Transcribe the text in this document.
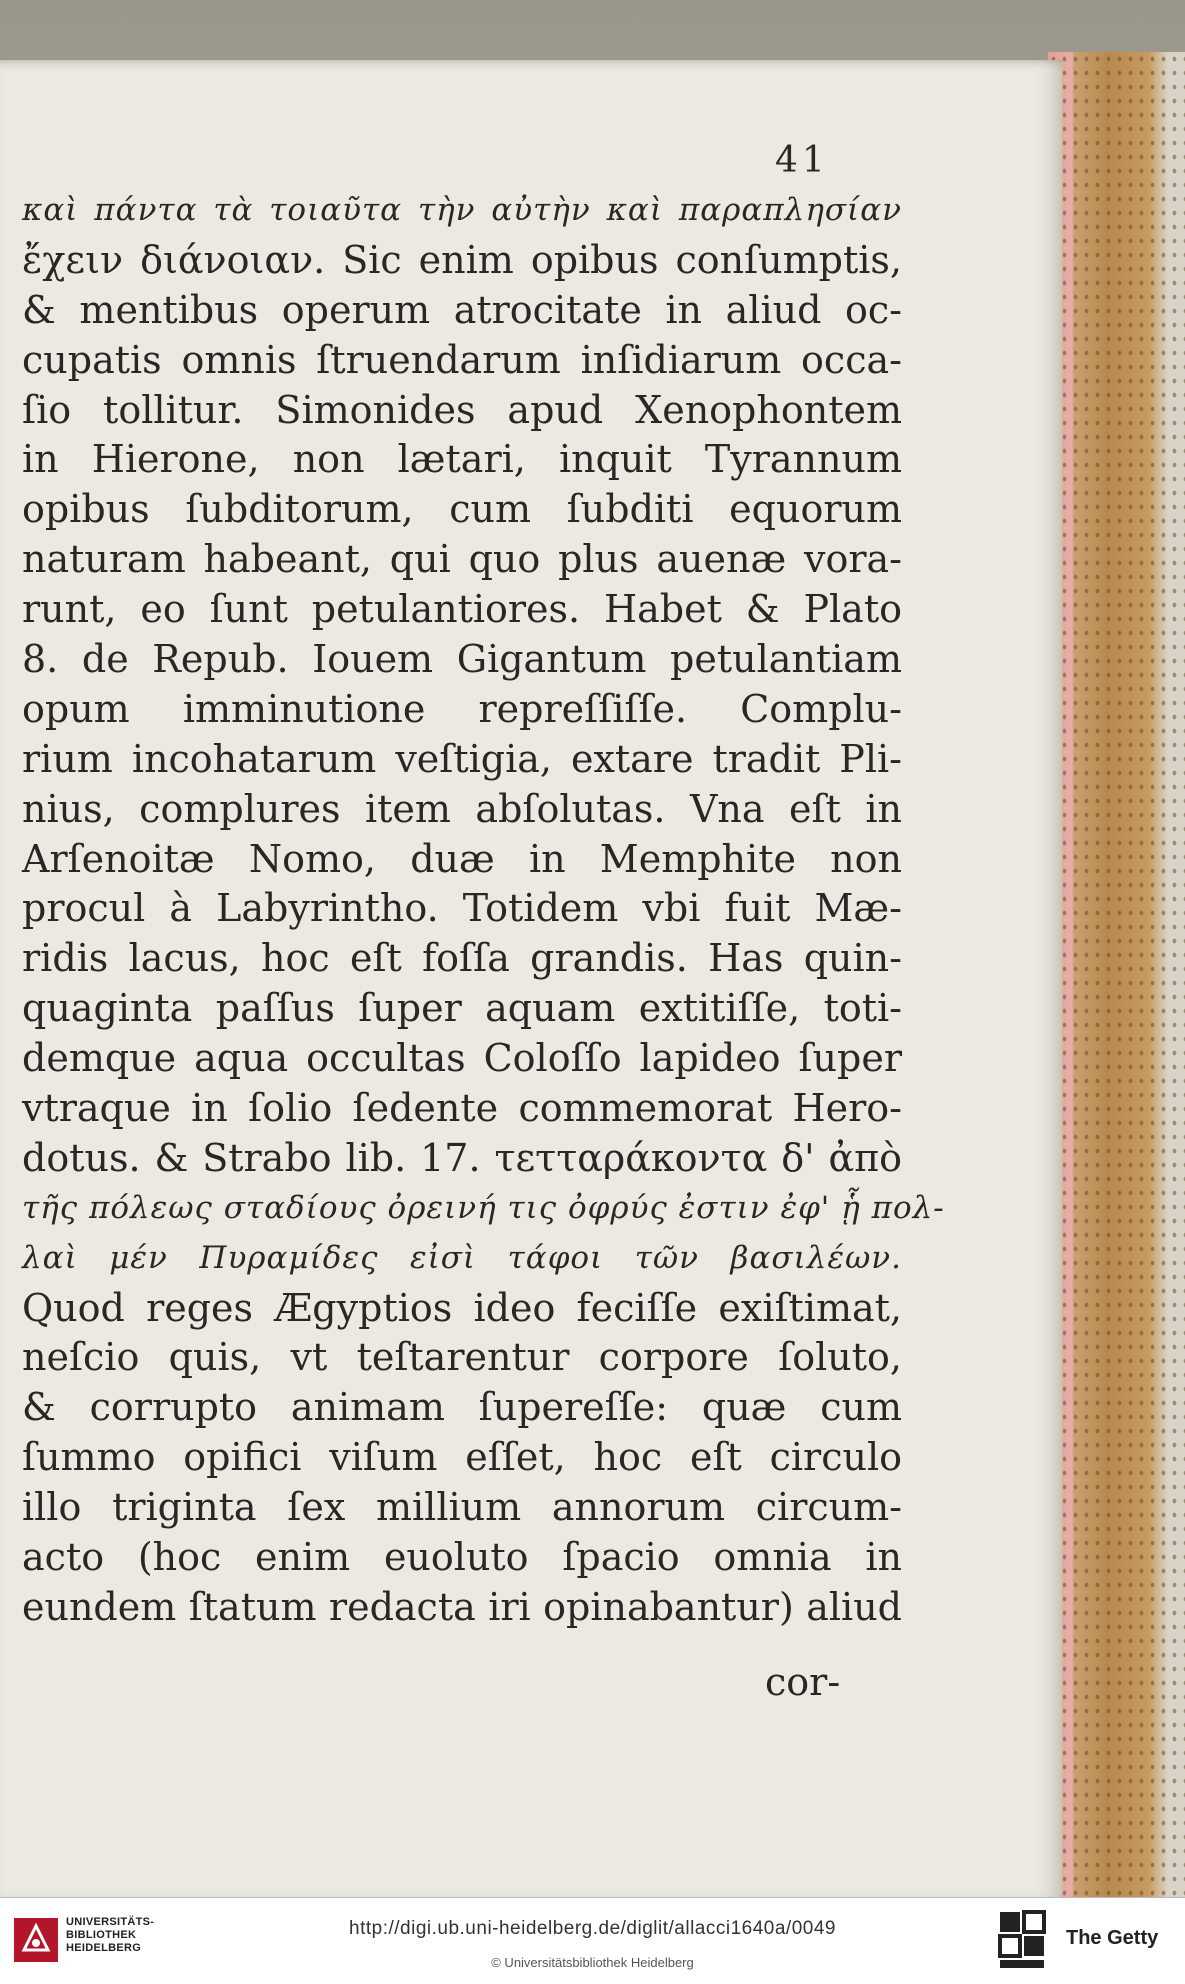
41
καὶ πάντα τὰ τοιαῦτα τὴν αὐτὴν καὶ παραπλησίαν
ἔχειν διάνοιαν. Sic enim opibus conſumptis,
& mentibus operum atrocitate in aliud oc-
cupatis omnis ſtruendarum inſidiarum occa-
ſio tollitur. Simonides apud Xenophontem
in Hierone, non lætari, inquit Tyrannum
opibus ſubditorum, cum ſubditi equorum
naturam habeant, qui quo plus auenæ vora-
runt, eo ſunt petulantiores. Habet & Plato
8. de Repub. Iouem Gigantum petulantiam
opum imminutione repreſſiſſe. Complu-
rium incohatarum veſtigia, extare tradit Pli-
nius, complures item abſolutas. Vna eſt in
Arſenoitæ Nomo, duæ in Memphite non
procul à Labyrintho. Totidem vbi fuit Mæ-
ridis lacus, hoc eſt foſſa grandis. Has quin-
quaginta paſſus ſuper aquam extitiſſe, toti-
demque aqua occultas Coloſſo lapideo ſuper
vtraque in ſolio ſedente commemorat Hero-
dotus. & Strabo lib. 17. τετταράκοντα δ' ἀπὸ
τῆς πόλεως σταδίους ὀρεινή τις ὀφρύς ἐστιν ἐφ' ᾗ πολ-
λαὶ μέν Πυραμίδες εἰσὶ τάφοι τῶν βασιλέων.
Quod reges Ægyptios ideo feciſſe exiſtimat,
neſcio quis, vt teſtarentur corpore ſoluto,
& corrupto animam ſupereſſe: quæ cum
ſummo opifici viſum eſſet, hoc eſt circulo
illo triginta ſex millium annorum circum-
acto (hoc enim euoluto ſpacio omnia in
eundem ſtatum redacta iri opinabantur) aliud
cor-
UNIVERSITÄTS-
BIBLIOTHEK
HEIDELBERG
http://digi.ub.uni-heidelberg.de/diglit/allacci1640a/0049
© Universitätsbibliothek Heidelberg
The Getty
